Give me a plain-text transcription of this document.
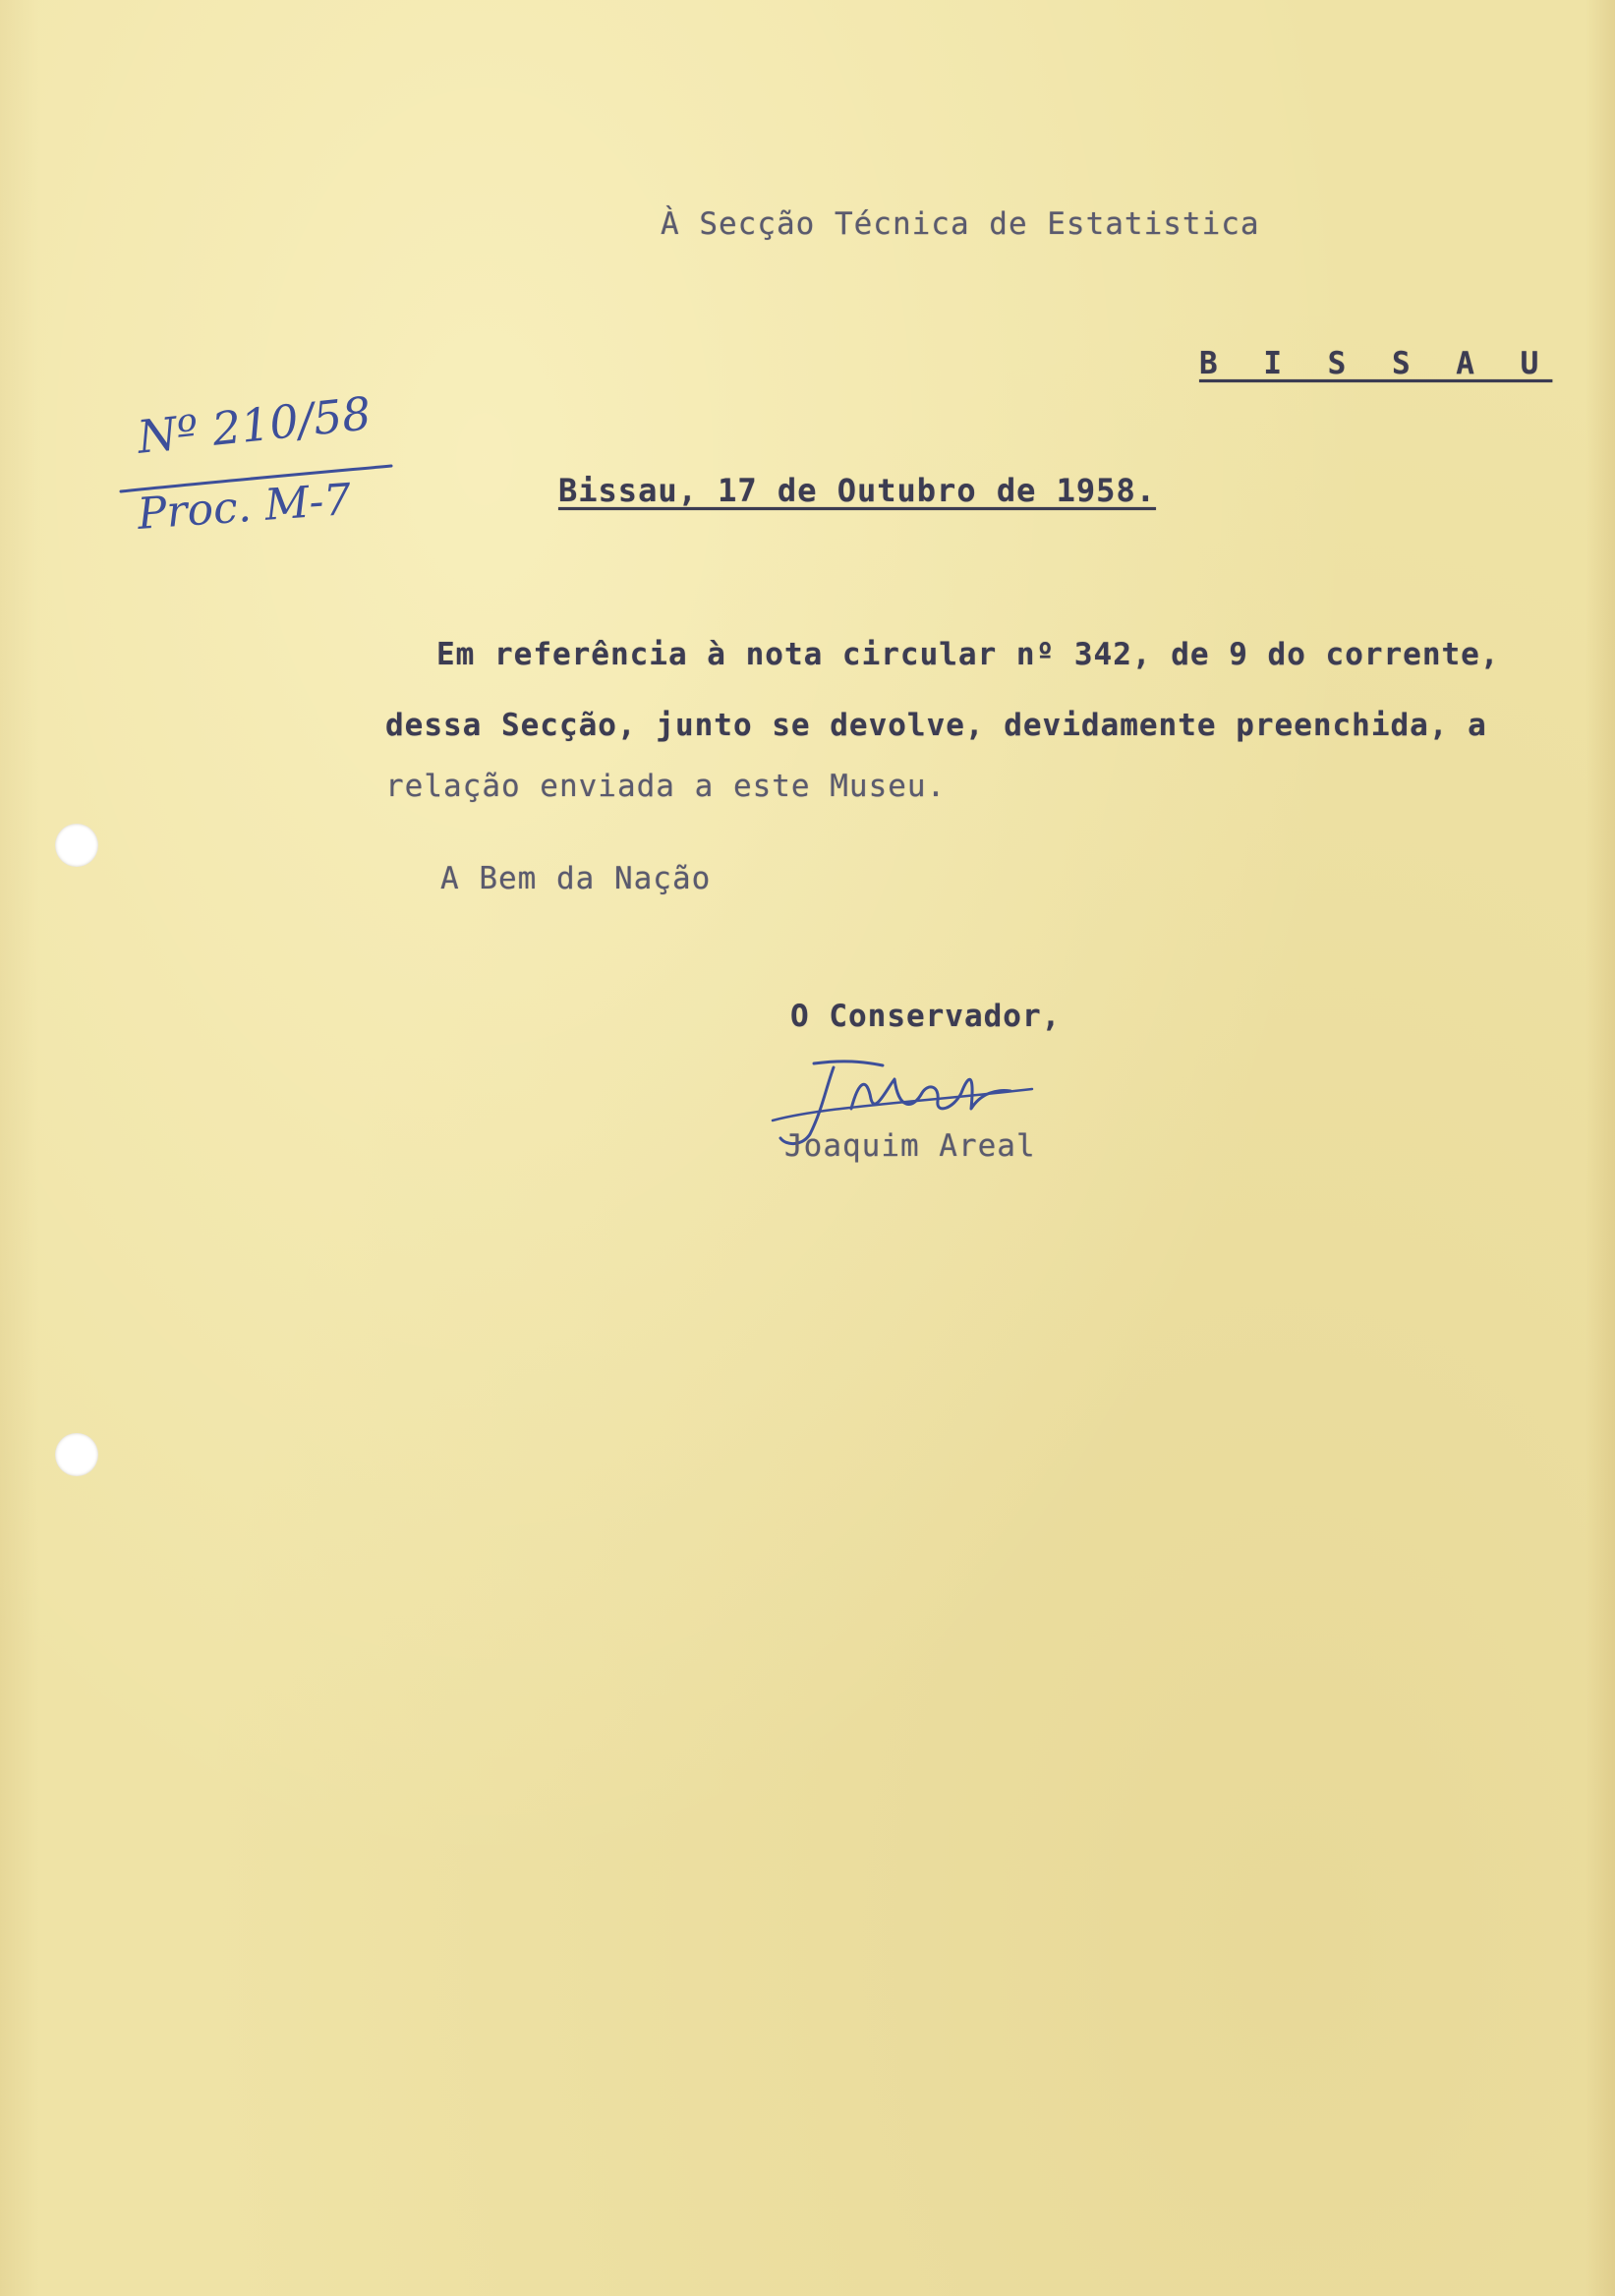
À Secção Técnica de Estatistica
B I S S A U
Nº 210/58
Proc. M-7	Bissau, 17 de Outubro de 1958.
Em referência à nota circular nº 342, de 9 do corrente,
dessa Secção, junto se devolve, devidamente preenchida, a
relação enviada a este Museu.
A Bem da Nação
O Conservador,
Joaquim Areal
